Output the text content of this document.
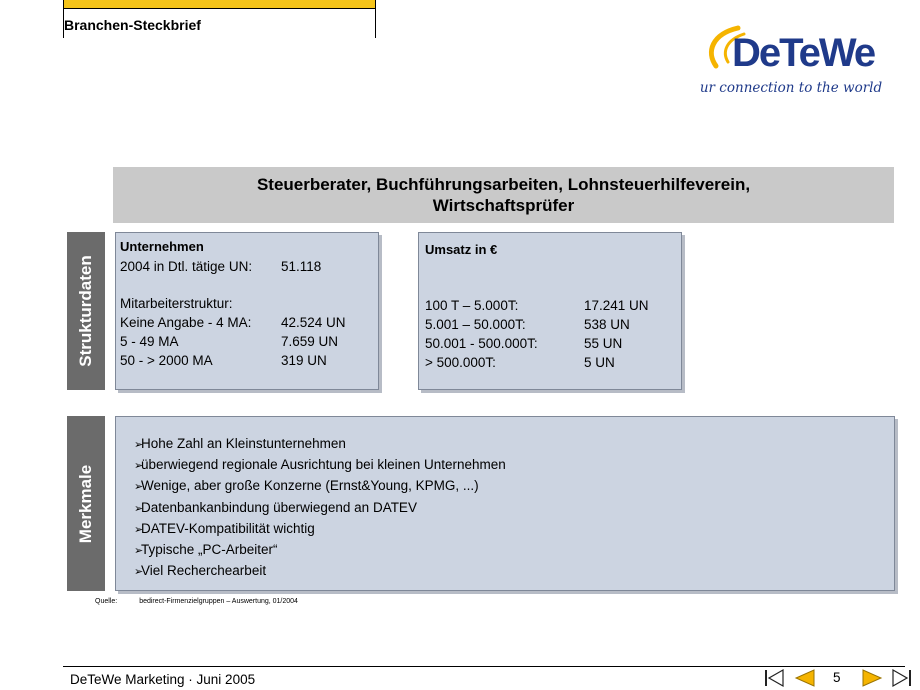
Branchen-Steckbrief
DeTeWe
Your connection to the world
Steuerberater, Buchführungsarbeiten, Lohnsteuerhilfeverein,
Wirtschaftsprüfer
Strukturdaten
Merkmale
Unternehmen
2004 in Dtl. tätige UN: 51.118
Mitarbeiterstruktur:
Keine Angabe - 4 MA: 42.524 UN
5 - 49 MA	7.659 UN
50 - > 2000 MA	319 UN
Umsatz in €
100 T – 5.000T:	17.241 UN
5.001 – 50.000T:	538 UN
50.001 - 500.000T:	55 UN
> 500.000T:	5 UN
➢Hohe Zahl an Kleinstunternehmen
➢überwiegend regionale Ausrichtung bei kleinen Unternehmen
➢Wenige, aber große Konzerne (Ernst&Young, KPMG, ...)
➢Datenbankanbindung überwiegend an DATEV
➢DATEV-Kompatibilität wichtig
➢Typische „PC-Arbeiter“
➢Viel Recherchearbeit
Quelle:	bedirect-Firmenzielgruppen – Auswertung, 01/2004
DeTeWe Marketing · Juni 2005	5
